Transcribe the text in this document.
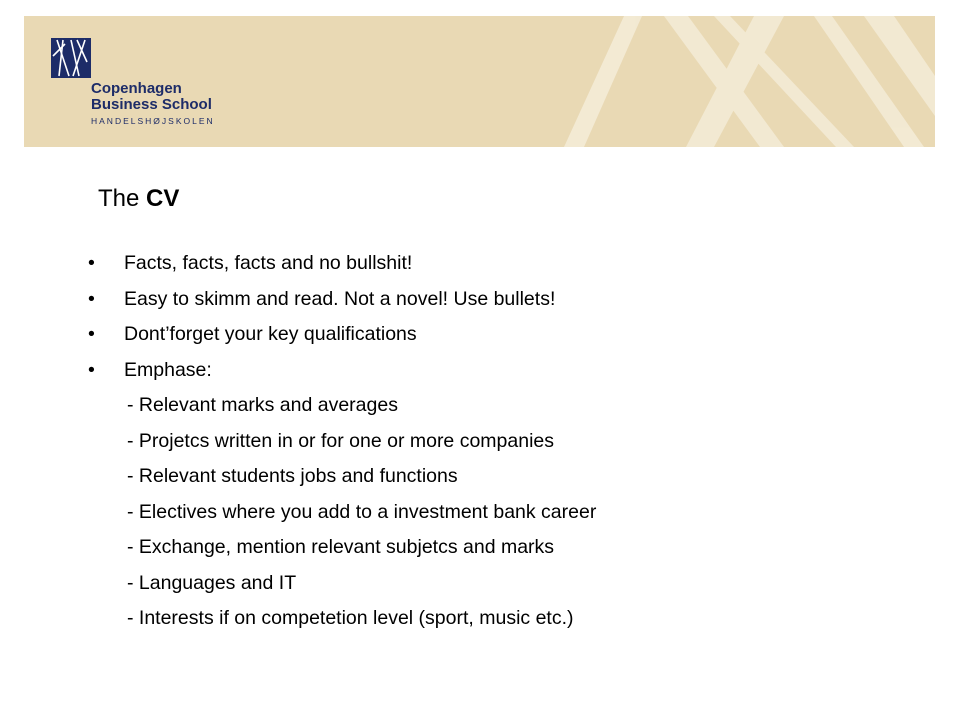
Copenhagen
Business School
HANDELSHØJSKOLEN
The CV
• Facts, facts, facts and no bullshit!
• Easy to skimm and read. Not a novel! Use bullets!
• Dont’forget your key qualifications
• Emphase:
- Relevant marks and averages
- Projetcs written in or for one or more companies
- Relevant students jobs and functions
- Electives where you add to a investment bank career
- Exchange, mention relevant subjetcs and marks
- Languages and IT
- Interests if on competetion level (sport, music etc.)
